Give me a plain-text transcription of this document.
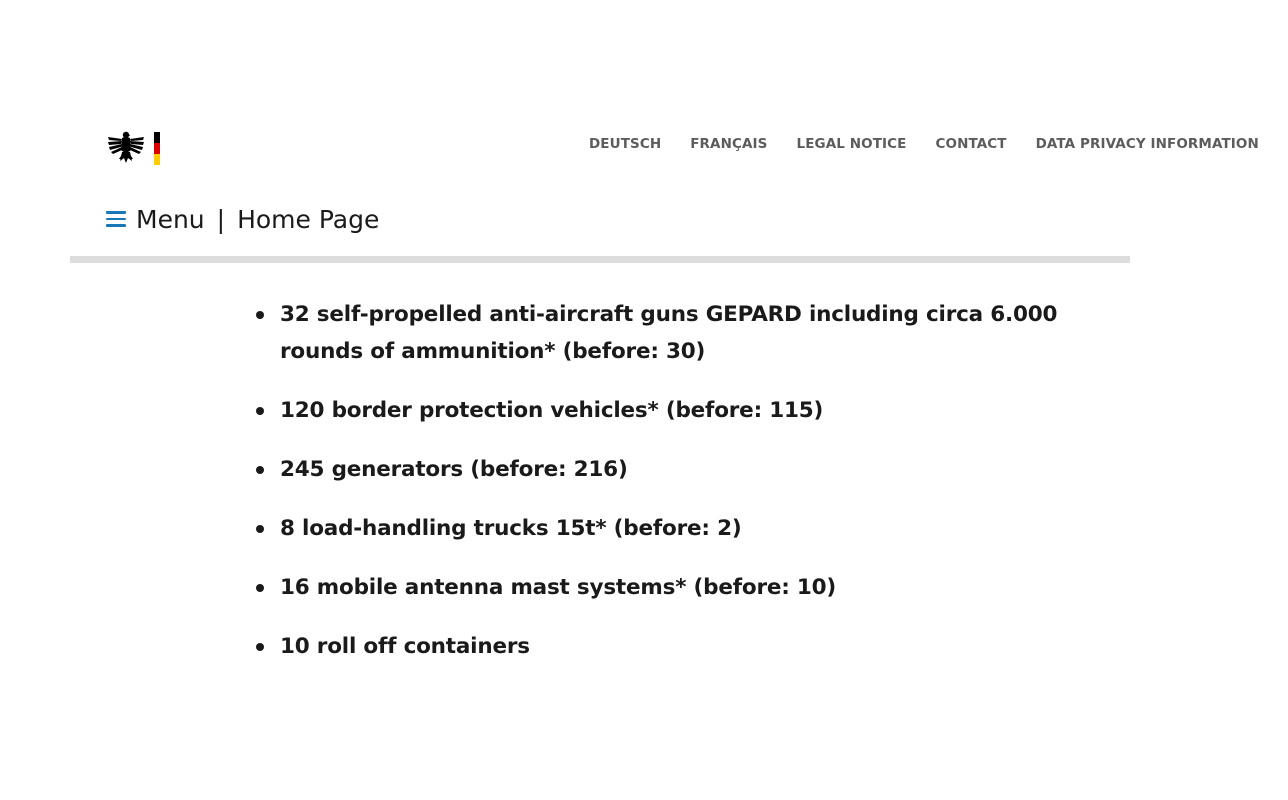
DEUTSCH FRANÇAIS LEGAL NOTICE CONTACT DATA PRIVACY INFORMATION
Menu | Home Page
32 self-propelled anti-aircraft guns GEPARD including circa 6.000 rounds of ammunition* (before: 30)
120 border protection vehicles* (before: 115)
245 generators (before: 216)
8 load-handling trucks 15t* (before: 2)
16 mobile antenna mast systems* (before: 10)
10 roll off containers
